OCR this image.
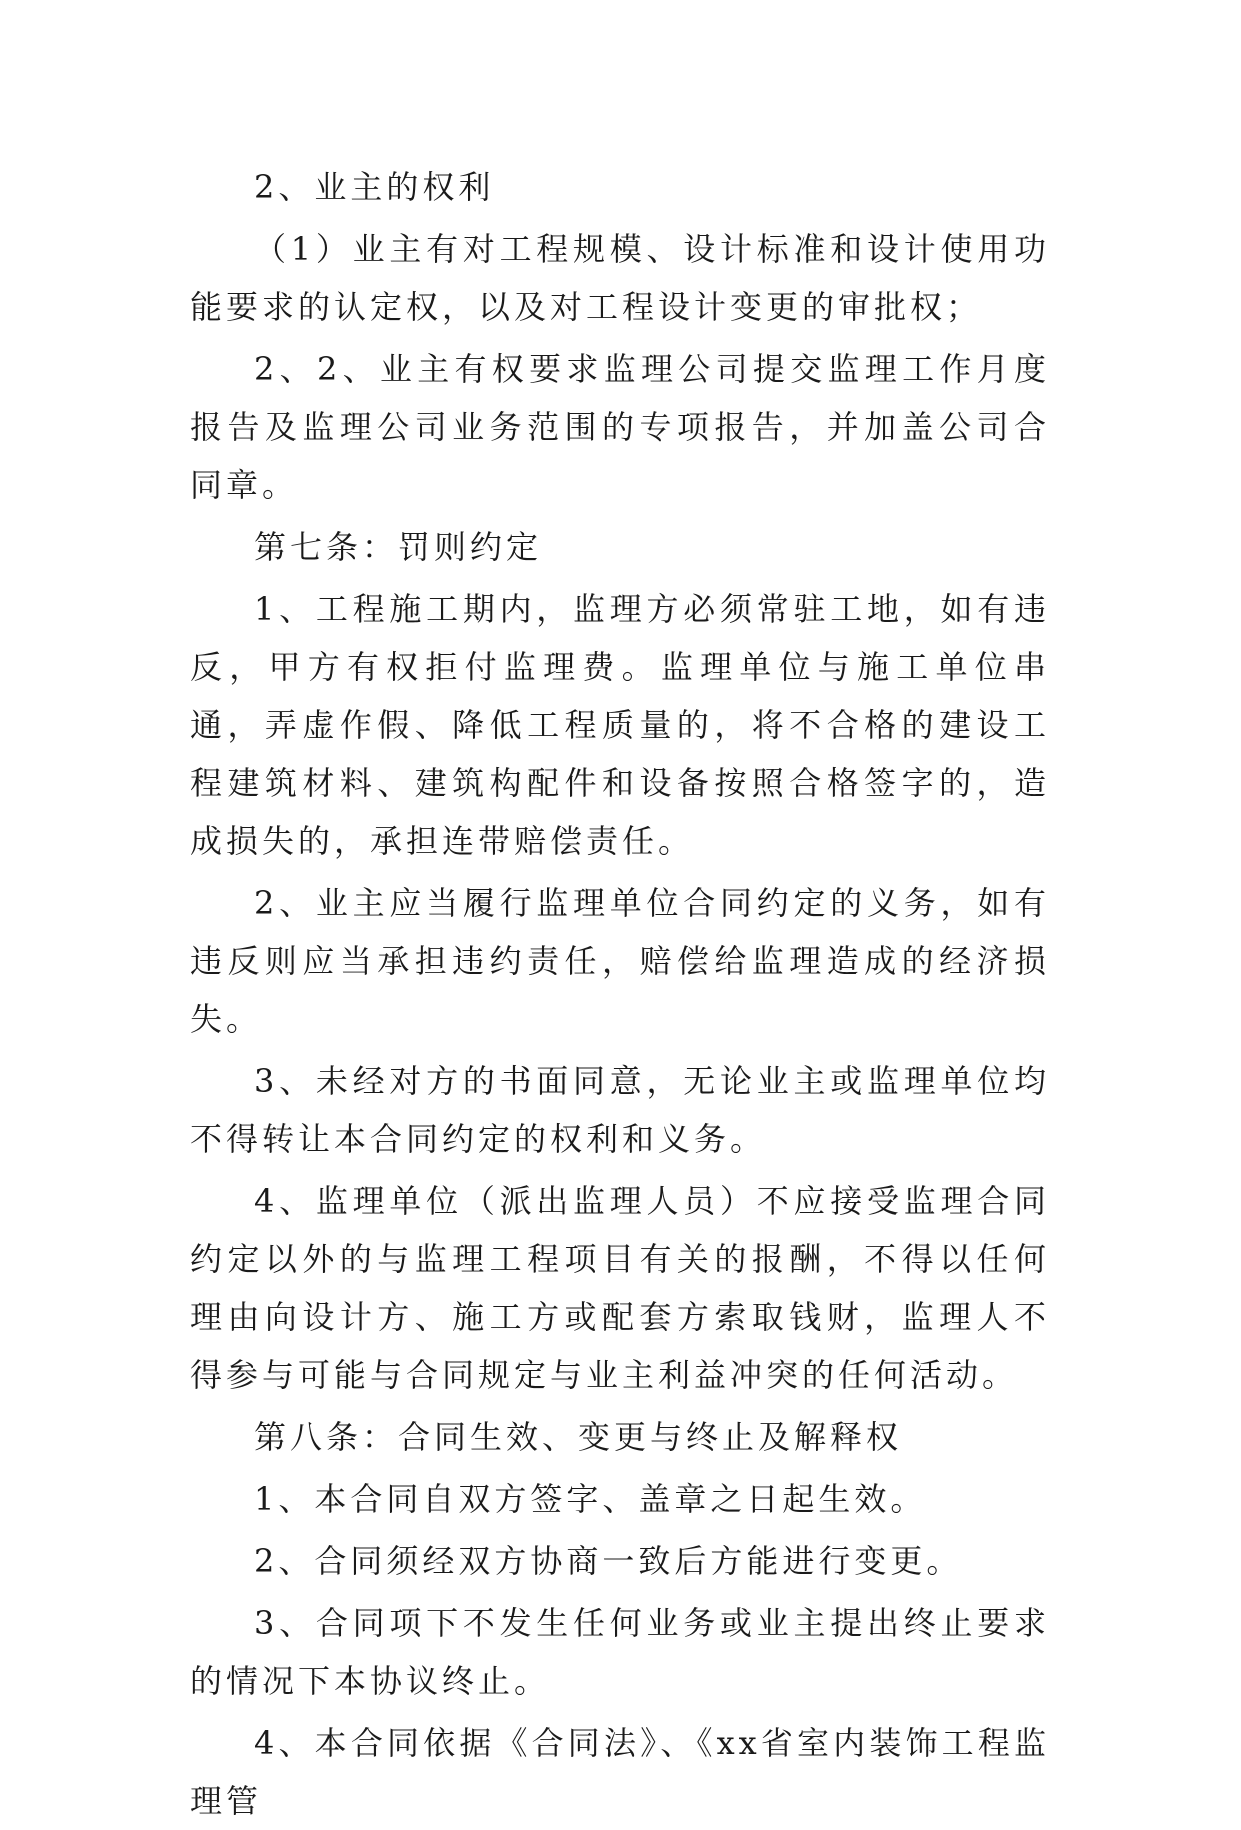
2、业主的权利

（1）业主有对工程规模、设计标准和设计使用功能要求的认定权，以及对工程设计变更的审批权；

2、2、业主有权要求监理公司提交监理工作月度报告及监理公司业务范围的专项报告，并加盖公司合同章。

第七条：罚则约定

1、工程施工期内，监理方必须常驻工地，如有违反，甲方有权拒付监理费。监理单位与施工单位串通，弄虚作假、降低工程质量的，将不合格的建设工程建筑材料、建筑构配件和设备按照合格签字的，造成损失的，承担连带赔偿责任。

2、业主应当履行监理单位合同约定的义务，如有违反则应当承担违约责任，赔偿给监理造成的经济损失。

3、未经对方的书面同意，无论业主或监理单位均不得转让本合同约定的权利和义务。

4、监理单位（派出监理人员）不应接受监理合同约定以外的与监理工程项目有关的报酬，不得以任何理由向设计方、施工方或配套方索取钱财，监理人不得参与可能与合同规定与业主利益冲突的任何活动。

第八条：合同生效、变更与终止及解释权

1、本合同自双方签字、盖章之日起生效。

2、合同须经双方协商一致后方能进行变更。

3、合同项下不发生任何业务或业主提出终止要求的情况下本协议终止。

4、本合同依据《合同法》、《xx省室内装饰工程监理管
